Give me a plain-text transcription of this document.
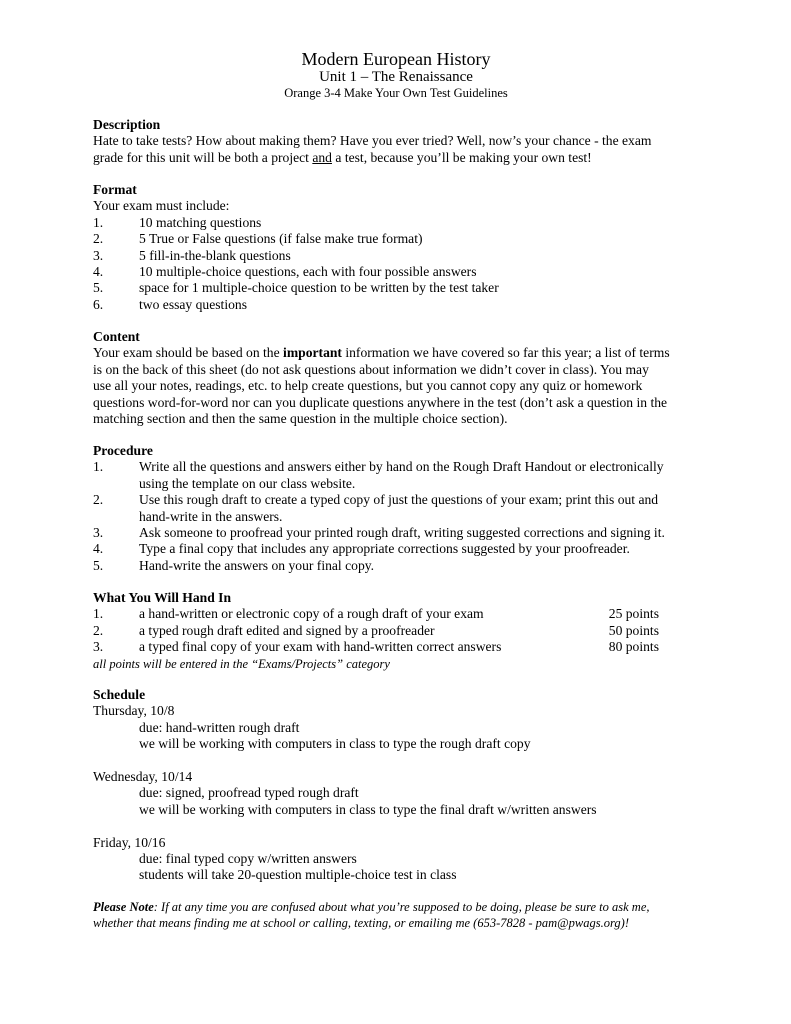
Modern European History
Unit 1 – The Renaissance
Orange 3-4 Make Your Own Test Guidelines
Description
Hate to take tests? How about making them? Have you ever tried? Well, now’s your chance - the exam
grade for this unit will be both a project and a test, because you’ll be making your own test!
Format
Your exam must include:
1.	10 matching questions
2.	5 True or False questions (if false make true format)
3.	5 fill-in-the-blank questions
4.	10 multiple-choice questions, each with four possible answers
5.	space for 1 multiple-choice question to be written by the test taker
6.	two essay questions
Content
Your exam should be based on the important information we have covered so far this year; a list of terms
is on the back of this sheet (do not ask questions about information we didn’t cover in class). You may
use all your notes, readings, etc. to help create questions, but you cannot copy any quiz or homework
questions word-for-word nor can you duplicate questions anywhere in the test (don’t ask a question in the
matching section and then the same question in the multiple choice section).
Procedure
1.	Write all the questions and answers either by hand on the Rough Draft Handout or electronically
using the template on our class website.
2.	Use this rough draft to create a typed copy of just the questions of your exam; print this out and
hand-write in the answers.
3.	Ask someone to proofread your printed rough draft, writing suggested corrections and signing it.
4.	Type a final copy that includes any appropriate corrections suggested by your proofreader.
5.	Hand-write the answers on your final copy.
What You Will Hand In
1.	a hand-written or electronic copy of a rough draft of your exam	25 points
2.	a typed rough draft edited and signed by a proofreader	50 points
3.	a typed final copy of your exam with hand-written correct answers	80 points
all points will be entered in the “Exams/Projects” category
Schedule
Thursday, 10/8
due: hand-written rough draft
we will be working with computers in class to type the rough draft copy
Wednesday, 10/14
due: signed, proofread typed rough draft
we will be working with computers in class to type the final draft w/written answers
Friday, 10/16
due: final typed copy w/written answers
students will take 20-question multiple-choice test in class
Please Note: If at any time you are confused about what you’re supposed to be doing, please be sure to ask me,
whether that means finding me at school or calling, texting, or emailing me (653-7828 - pam@pwags.org)!
